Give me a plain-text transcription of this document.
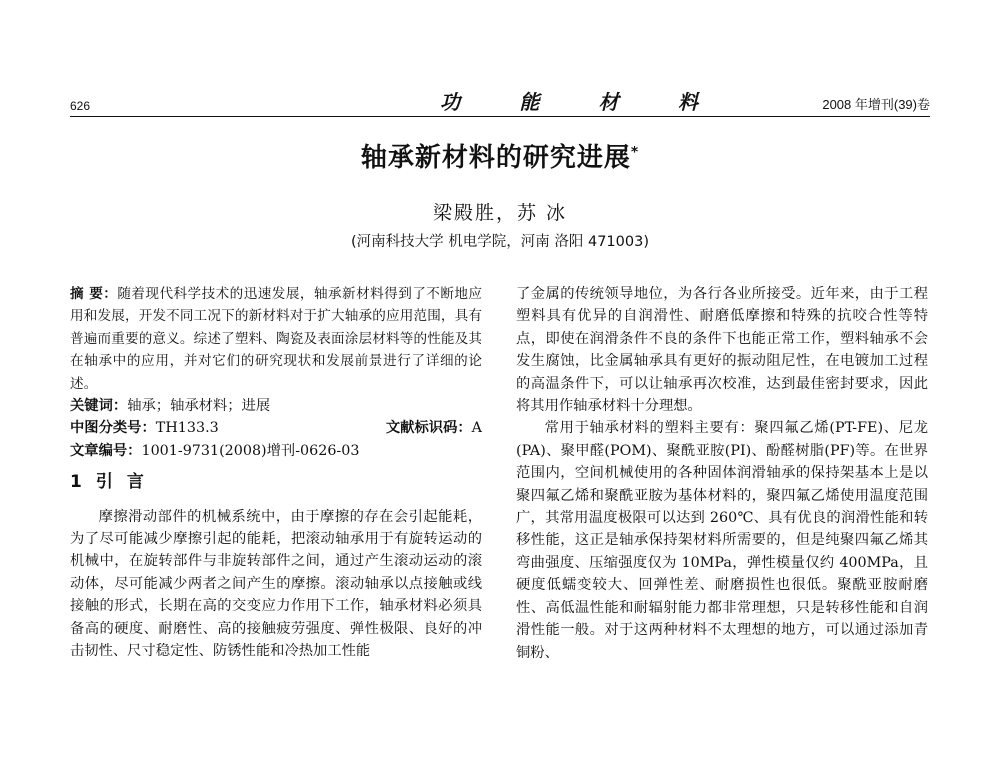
626	功	能	材	料	2008 年增刊(39)卷
轴承新材料的研究进展*
梁殿胜，苏 冰
(河南科技大学 机电学院，河南 洛阳 471003)

摘 要：随着现代科学技术的迅速发展，轴承新材料得到了不断地应用和发展，开发不同工况下的新材料对于扩大轴承的应用范围，具有普遍而重要的意义。综述了塑料、陶瓷及表面涂层材料等的性能及其在轴承中的应用，并对它们的研究现状和发展前景进行了详细的论述。

关键词：轴承；轴承材料；进展

中图分类号：TH133.3	文献标识码：A

文章编号：1001-9731(2008)增刊-0626-03

1 引言

摩擦滑动部件的机械系统中，由于摩擦的存在会引起能耗，为了尽可能减少摩擦引起的能耗，把滚动轴承用于有旋转运动的机械中，在旋转部件与非旋转部件之间，通过产生滚动运动的滚动体，尽可能减少两者之间产生的摩擦。滚动轴承以点接触或线接触的形式，长期在高的交变应力作用下工作，轴承材料必须具备高的硬度、耐磨性、高的接触疲劳强度、弹性极限、良好的冲击韧性、尺寸稳定性、防锈性能和冷热加工性能

了金属的传统领导地位，为各行各业所接受。近年来，由于工程塑料具有优异的自润滑性、耐磨低摩擦和特殊的抗咬合性等特点，即使在润滑条件不良的条件下也能正常工作，塑料轴承不会发生腐蚀，比金属轴承具有更好的振动阻尼性，在电镀加工过程的高温条件下，可以让轴承再次校准，达到最佳密封要求，因此将其用作轴承材料十分理想。

常用于轴承材料的塑料主要有：聚四氟乙烯(PT-FE)、尼龙(PA)、聚甲醛(POM)、聚酰亚胺(PI)、酚醛树脂(PF)等。在世界范围内，空间机械使用的各种固体润滑轴承的保持架基本上是以聚四氟乙烯和聚酰亚胺为基体材料的，聚四氟乙烯使用温度范围广，其常用温度极限可以达到 260℃、具有优良的润滑性能和转移性能，这正是轴承保持架材料所需要的，但是纯聚四氟乙烯其弯曲强度、压缩强度仅为 10MPa，弹性模量仅约 400MPa，且硬度低蠕变较大、回弹性差、耐磨损性也很低。聚酰亚胺耐磨性、高低温性能和耐辐射能力都非常理想，只是转移性能和自润滑性能一般。对于这两种材料不太理想的地方，可以通过添加青铜粉、
